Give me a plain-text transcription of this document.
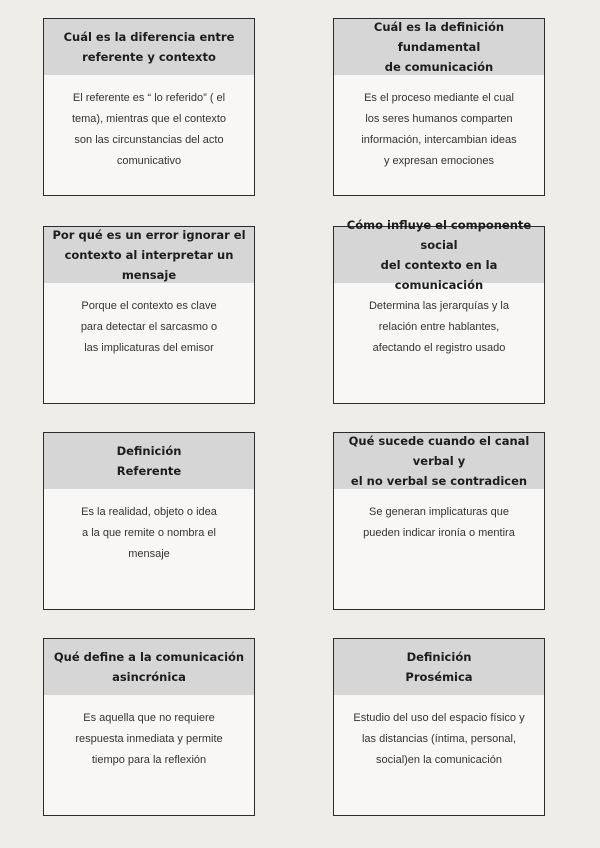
Cuál es la diferencia entre
referente y contexto
El referente es “ lo referido” ( el
tema), mientras que el contexto
son las circunstancias del acto
comunicativo
Cuál es la definición fundamental
de comunicación
Es el proceso mediante el cual
los seres humanos comparten
información, intercambian ideas
y expresan emociones
Por qué es un error ignorar el
contexto al interpretar un mensaje
Porque el contexto es clave
para detectar el sarcasmo o
las implicaturas del emisor
Cómo influye el componente social
del contexto en la comunicación
Determina las jerarquías y la
relación entre hablantes,
afectando el registro usado
Definición
Referente
Es la realidad, objeto o idea
a la que remite o nombra el
mensaje
Qué sucede cuando el canal verbal y
el no verbal se contradicen
Se generan implicaturas que
pueden indicar ironía o mentira
Qué define a la comunicación
asincrónica
Es aquella que no requiere
respuesta inmediata y permite
tiempo para la reflexión
Definición
Prosémica
Estudio del uso del espacio físico y
las distancias (íntima, personal,
social)en la comunicación
